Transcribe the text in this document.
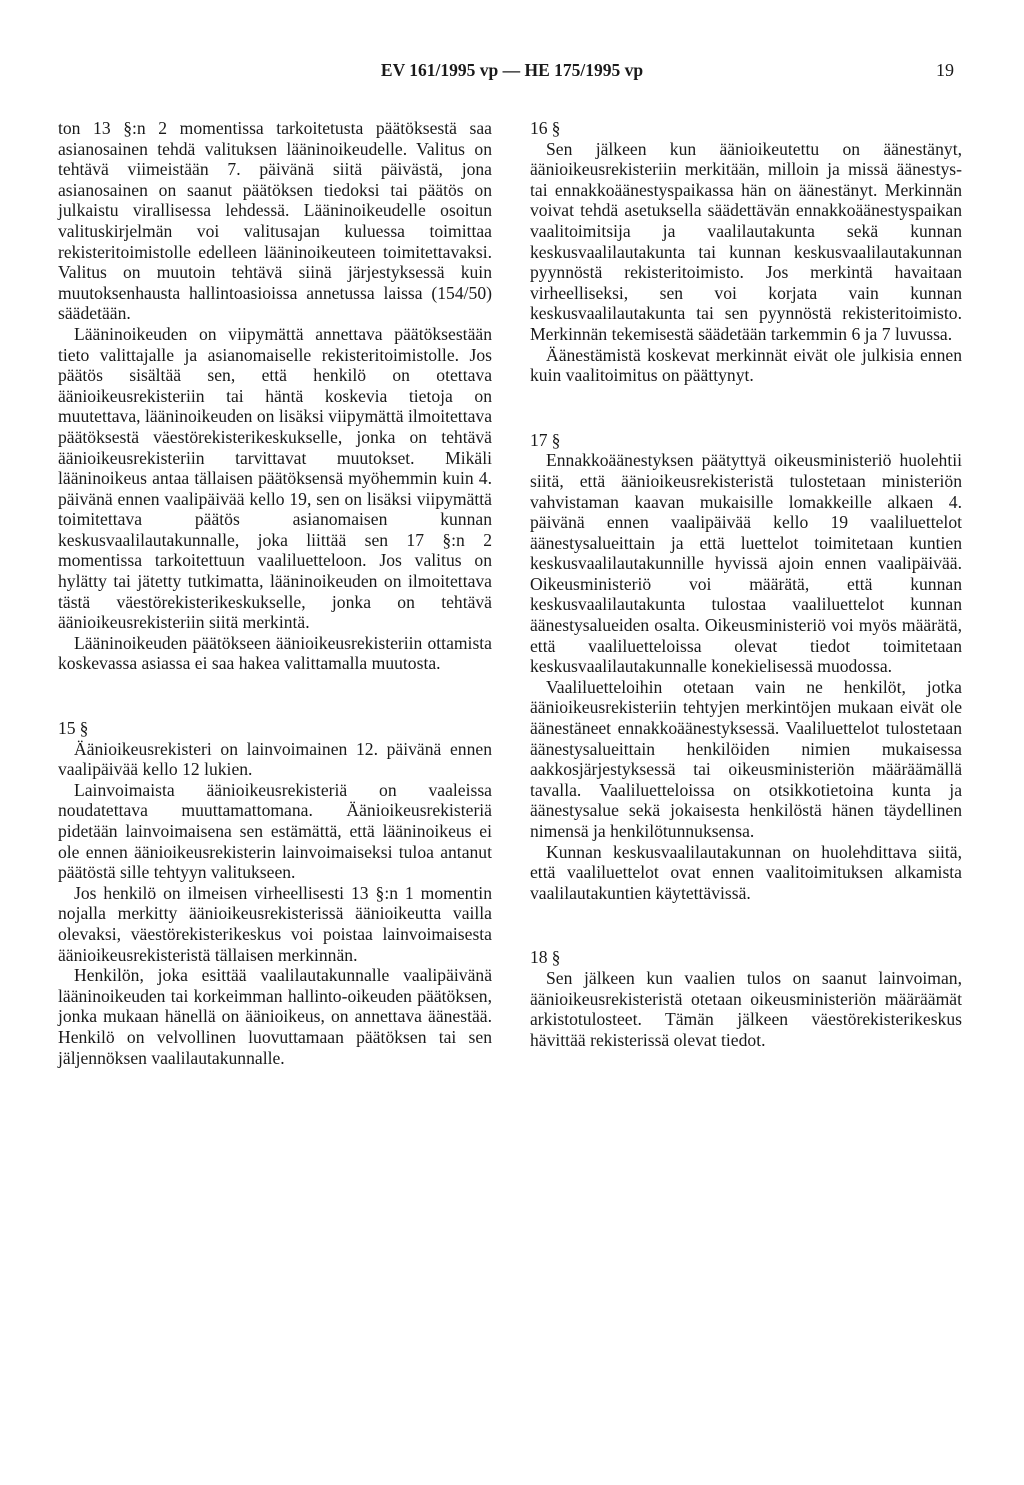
EV 161/1995 vp — HE 175/1995 vp	19

ton 13 §:n 2 momentissa tarkoitetusta päätöksestä saa asianosainen tehdä valituksen lääninoikeudelle. Valitus on tehtävä viimeistään 7. päivänä siitä päivästä, jona asianosainen on saanut päätöksen tiedoksi tai päätös on julkaistu virallisessa lehdessä. Lääninoikeudelle osoitun valituskirjelmän voi valitusajan kuluessa toimittaa rekisteritoimistolle edelleen lääninoikeuteen toimitettavaksi. Valitus on muutoin tehtävä siinä järjestyksessä kuin muutoksenhausta hallintoasioissa annetussa laissa (154/50) säädetään.

Lääninoikeuden on viipymättä annettava päätöksestään tieto valittajalle ja asianomaiselle rekisteritoimistolle. Jos päätös sisältää sen, että henkilö on otettava äänioikeusrekisteriin tai häntä koskevia tietoja on muutettava, lääninoikeuden on lisäksi viipymättä ilmoitettava päätöksestä väestörekisterikeskukselle, jonka on tehtävä äänioikeusrekisteriin tarvittavat muutokset. Mikäli lääninoikeus antaa tällaisen päätöksensä myöhemmin kuin 4. päivänä ennen vaalipäivää kello 19, sen on lisäksi viipymättä toimitettava päätös asianomaisen kunnan keskusvaalilautakunnalle, joka liittää sen 17 §:n 2 momentissa tarkoitettuun vaaliluetteloon. Jos valitus on hylätty tai jätetty tutkimatta, lääninoikeuden on ilmoitettava tästä väestörekisterikeskukselle, jonka on tehtävä äänioikeusrekisteriin siitä merkintä.

Lääninoikeuden päätökseen äänioikeusrekisteriin ottamista koskevassa asiassa ei saa hakea valittamalla muutosta.

15 §

Äänioikeusrekisteri on lainvoimainen 12. päivänä ennen vaalipäivää kello 12 lukien.

Lainvoimaista äänioikeusrekisteriä on vaaleissa noudatettava muuttamattomana. Äänioikeusrekisteriä pidetään lainvoimaisena sen estämättä, että lääninoikeus ei ole ennen äänioikeusrekisterin lainvoimaiseksi tuloa antanut päätöstä sille tehtyyn valitukseen.

Jos henkilö on ilmeisen virheellisesti 13 §:n 1 momentin nojalla merkitty äänioikeusrekisterissä äänioikeutta vailla olevaksi, väestörekisterikeskus voi poistaa lainvoimaisesta äänioikeusrekisteristä tällaisen merkinnän.

Henkilön, joka esittää vaalilautakunnalle vaalipäivänä lääninoikeuden tai korkeimman hallinto-oikeuden päätöksen, jonka mukaan hänellä on äänioikeus, on annettava äänestää. Henkilö on velvollinen luovuttamaan päätöksen tai sen jäljennöksen vaalilautakunnalle.

16 §

Sen jälkeen kun äänioikeutettu on äänestänyt, äänioikeusrekisteriin merkitään, milloin ja missä äänestys- tai ennakkoäänestyspaikassa hän on äänestänyt. Merkinnän voivat tehdä asetuksella säädettävän ennakkoäänestyspaikan vaalitoimitsija ja vaalilautakunta sekä kunnan keskusvaalilautakunta tai kunnan keskusvaalilautakunnan pyynnöstä rekisteritoimisto. Jos merkintä havaitaan virheelliseksi, sen voi korjata vain kunnan keskusvaalilautakunta tai sen pyynnöstä rekisteritoimisto. Merkinnän tekemisestä säädetään tarkemmin 6 ja 7 luvussa.

Äänestämistä koskevat merkinnät eivät ole julkisia ennen kuin vaalitoimitus on päättynyt.

17 §

Ennakkoäänestyksen päätyttyä oikeusministeriö huolehtii siitä, että äänioikeusrekisteristä tulostetaan ministeriön vahvistaman kaavan mukaisille lomakkeille alkaen 4. päivänä ennen vaalipäivää kello 19 vaaliluettelot äänestysalueittain ja että luettelot toimitetaan kuntien keskusvaalilautakunnille hyvissä ajoin ennen vaalipäivää. Oikeusministeriö voi määrätä, että kunnan keskusvaalilautakunta tulostaa vaaliluettelot kunnan äänestysalueiden osalta. Oikeusministeriö voi myös määrätä, että vaaliluetteloissa olevat tiedot toimitetaan keskusvaalilautakunnalle konekielisessä muodossa.

Vaaliluetteloihin otetaan vain ne henkilöt, jotka äänioikeusrekisteriin tehtyjen merkintöjen mukaan eivät ole äänestäneet ennakkoäänestyksessä. Vaaliluettelot tulostetaan äänestysalueittain henkilöiden nimien mukaisessa aakkosjärjestyksessä tai oikeusministeriön määräämällä tavalla. Vaaliluetteloissa on otsikkotietoina kunta ja äänestysalue sekä jokaisesta henkilöstä hänen täydellinen nimensä ja henkilötunnuksensa.

Kunnan keskusvaalilautakunnan on huolehdittava siitä, että vaaliluettelot ovat ennen vaalitoimituksen alkamista vaalilautakuntien käytettävissä.

18 §

Sen jälkeen kun vaalien tulos on saanut lainvoiman, äänioikeusrekisteristä otetaan oikeusministeriön määräämät arkistotulosteet. Tämän jälkeen väestörekisterikeskus hävittää rekisterissä olevat tiedot.
